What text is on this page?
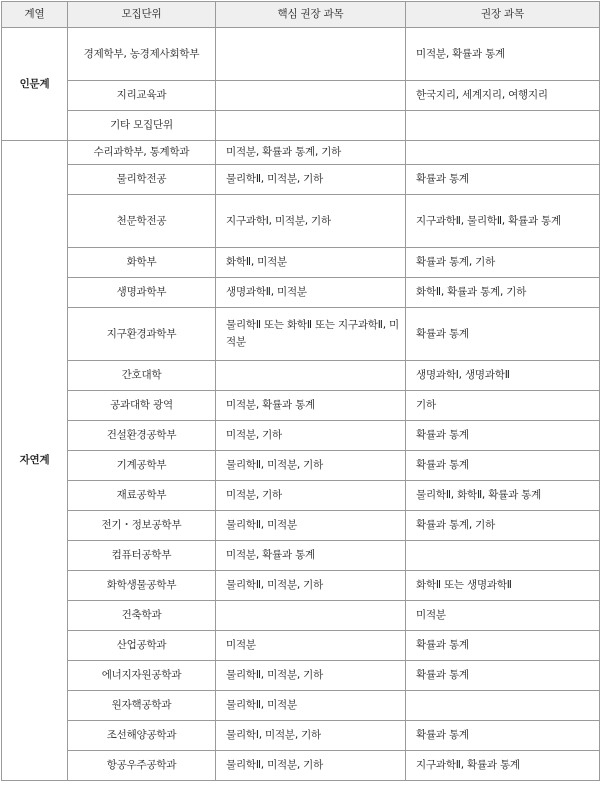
계열	모집단위	핵심 권장 과목	권장 과목
인문계	경제학부, 농경제사회학부		미적분, 확률과 통계
	지리교육과		한국지리, 세계지리, 여행지리
	기타 모집단위		
자연계	수리과학부, 통계학과	미적분, 확률과 통계, 기하	
	물리학전공	물리학Ⅱ, 미적분, 기하	확률과 통계
	천문학전공	지구과학Ⅰ, 미적분, 기하	지구과학Ⅱ, 물리학Ⅱ, 확률과 통계
	화학부	화학Ⅱ, 미적분	확률과 통계, 기하
	생명과학부	생명과학Ⅱ, 미적분	화학Ⅱ, 확률과 통계, 기하
	지구환경과학부	물리학Ⅱ 또는 화학Ⅱ 또는 지구과학Ⅱ, 미적분	확률과 통계
	간호대학		생명과학Ⅰ, 생명과학Ⅱ
	공과대학 광역	미적분, 확률과 통계	기하
	건설환경공학부	미적분, 기하	확률과 통계
	기계공학부	물리학Ⅱ, 미적분, 기하	확률과 통계
	재료공학부	미적분, 기하	물리학Ⅱ, 화학Ⅱ, 확률과 통계
	전기・정보공학부	물리학Ⅱ, 미적분	확률과 통계, 기하
	컴퓨터공학부	미적분, 확률과 통계	
	화학생물공학부	물리학Ⅱ, 미적분, 기하	화학Ⅱ 또는 생명과학Ⅱ
	건축학과		미적분
	산업공학과	미적분	확률과 통계
	에너지자원공학과	물리학Ⅱ, 미적분, 기하	확률과 통계
	원자핵공학과	물리학Ⅱ, 미적분	
	조선해양공학과	물리학Ⅰ, 미적분, 기하	확률과 통계
	항공우주공학과	물리학Ⅱ, 미적분, 기하	지구과학Ⅱ, 확률과 통계
